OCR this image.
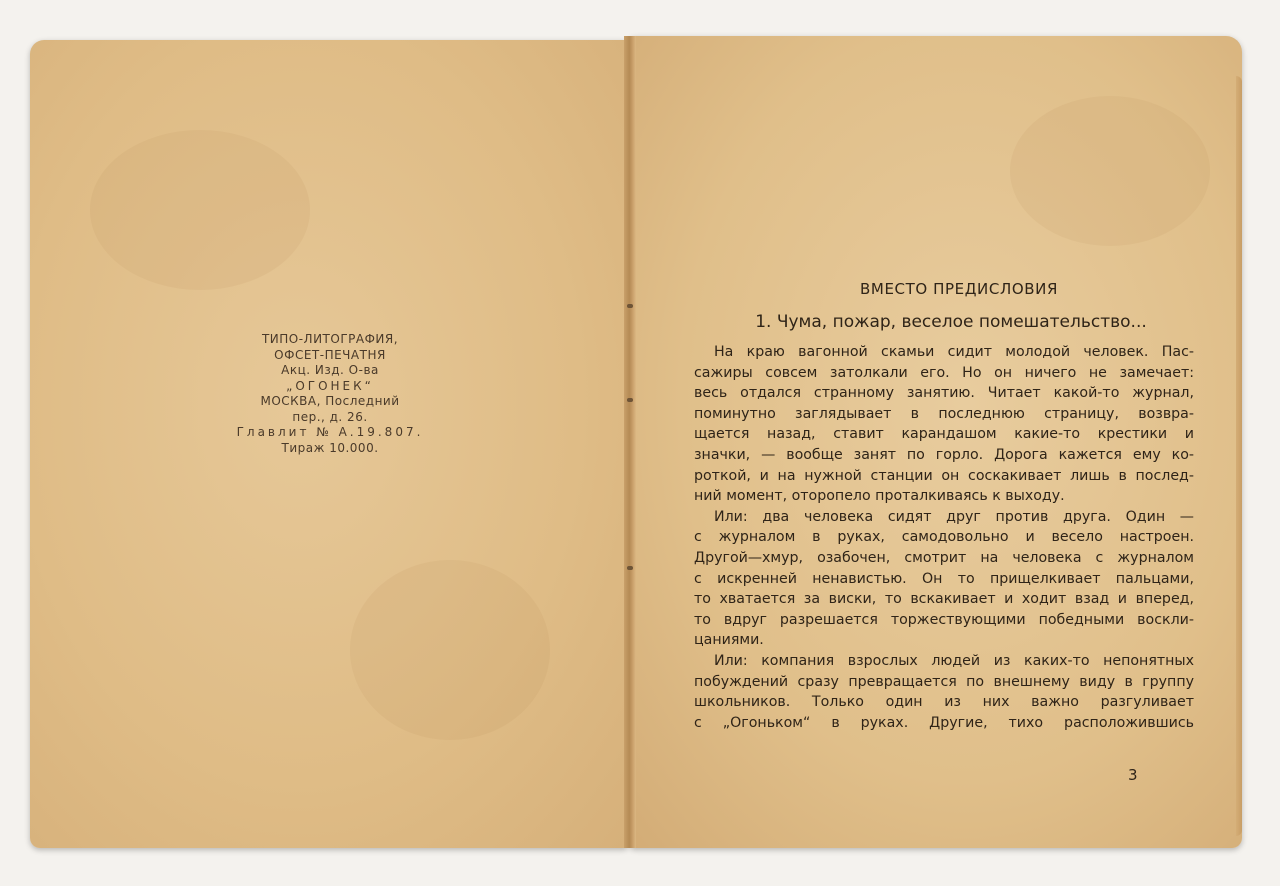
ТИПО-ЛИТОГРАФИЯ,
ОФСЕТ-ПЕЧАТНЯ
Акц. Изд. О-ва
„ОГОНЕК“
МОСКВА, Последний
пер., д. 26.
Главлит № А.19.807.
Тираж 10.000.
ВМЕСТО ПРЕДИСЛОВИЯ
1. Чума, пожар, веселое помешательство...
На краю вагонной скамьи сидит молодой человек. Пас-
сажиры совсем затолкали его. Но он ничего не замечает:
весь отдался странному занятию. Читает какой-то журнал,
поминутно заглядывает в последнюю страницу, возвра-
щается назад, ставит карандашом какие-то крестики и
значки, — вообще занят по горло. Дорога кажется ему ко-
роткой, и на нужной станции он соскакивает лишь в послед-
ний момент, оторопело проталкиваясь к выходу.
Или: два человека сидят друг против друга. Один —
с журналом в руках, самодовольно и весело настроен.
Другой—хмур, озабочен, смотрит на человека с журналом
с искренней ненавистью. Он то прищелкивает пальцами,
то хватается за виски, то вскакивает и ходит взад и вперед,
то вдруг разрешается торжествующими победными воскли-
цаниями.
Или: компания взрослых людей из каких-то непонятных
побуждений сразу превращается по внешнему виду в группу
школьников. Только один из них важно разгуливает
с „Огоньком“ в руках. Другие, тихо расположившись
3
